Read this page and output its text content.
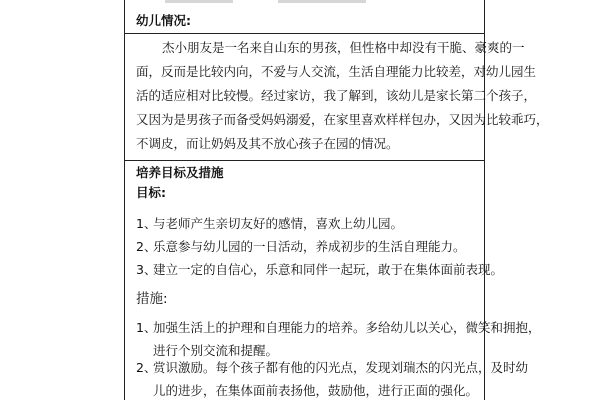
幼儿情况:
杰小朋友是一名来自山东的男孩，但性格中却没有干脆、豪爽的一
面，反而是比较内向，不爱与人交流，生活自理能力比较差，对幼儿园生
活的适应相对比较慢。经过家访，我了解到，该幼儿是家长第二个孩子，
又因为是男孩子而备受妈妈溺爱，在家里喜欢样样包办，又因为比较乖巧，
不调皮，而让奶妈及其不放心孩子在园的情况。
培养目标及措施
目标:
1、
与老师产生亲切友好的感情，喜欢上幼儿园。
2、
乐意参与幼儿园的一日活动，养成初步的生活自理能力。
3、
建立一定的自信心，乐意和同伴一起玩，敢于在集体面前表现。
措施:
1、
加强生活上的护理和自理能力的培养。多给幼儿以关心，微笑和拥抱，
进行个别交流和提醒。
2、
赏识激励。每个孩子都有他的闪光点，发现刘瑞杰的闪光点，及时幼
儿的进步，在集体面前表扬他，鼓励他，进行正面的强化。
